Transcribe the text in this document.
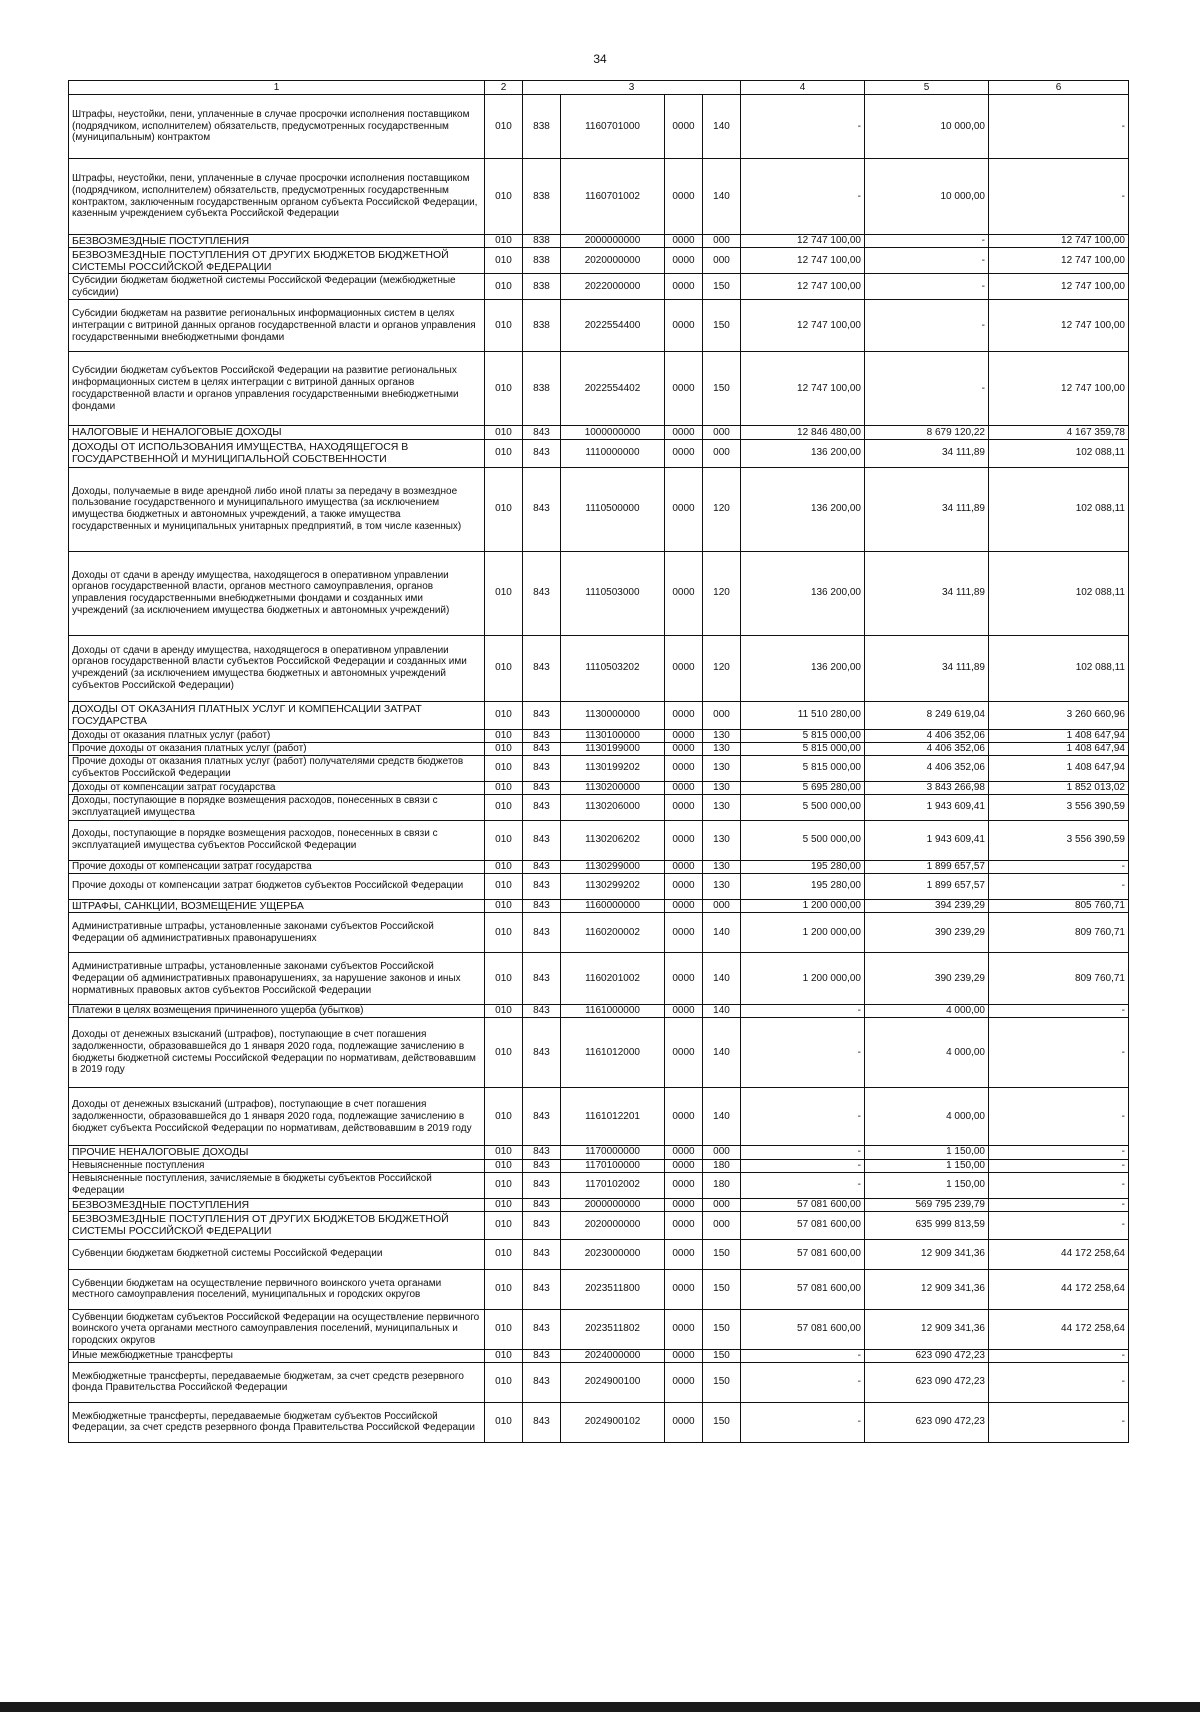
34
1	2	3				4	5	6
Штрафы, неустойки, пени, уплаченные в случае просрочки исполнения поставщиком (подрядчиком, исполнителем) обязательств, предусмотренных государственным (муниципальным) контрактом	010	838	1160701000	0000	140	-	10 000,00	-
Штрафы, неустойки, пени, уплаченные в случае просрочки исполнения поставщиком (подрядчиком, исполнителем) обязательств, предусмотренных государственным контрактом, заключенным государственным органом субъекта Российской Федерации, казенным учреждением субъекта Российской Федерации	010	838	1160701002	0000	140	-	10 000,00	-
БЕЗВОЗМЕЗДНЫЕ ПОСТУПЛЕНИЯ	010	838	2000000000	0000	000	12 747 100,00	-	12 747 100,00
БЕЗВОЗМЕЗДНЫЕ ПОСТУПЛЕНИЯ ОТ ДРУГИХ БЮДЖЕТОВ БЮДЖЕТНОЙ СИСТЕМЫ РОССИЙСКОЙ ФЕДЕРАЦИИ	010	838	2020000000	0000	000	12 747 100,00	-	12 747 100,00
Субсидии бюджетам бюджетной системы Российской Федерации (межбюджетные субсидии)	010	838	2022000000	0000	150	12 747 100,00	-	12 747 100,00
Субсидии бюджетам на развитие региональных информационных систем в целях интеграции с витриной данных органов государственной власти и органов управления государственными внебюджетными фондами	010	838	2022554400	0000	150	12 747 100,00	-	12 747 100,00
Субсидии бюджетам субъектов Российской Федерации на развитие региональных информационных систем в целях интеграции с витриной данных органов государственной власти и органов управления государственными внебюджетными фондами	010	838	2022554402	0000	150	12 747 100,00	-	12 747 100,00
НАЛОГОВЫЕ И НЕНАЛОГОВЫЕ ДОХОДЫ	010	843	1000000000	0000	000	12 846 480,00	8 679 120,22	4 167 359,78
ДОХОДЫ ОТ ИСПОЛЬЗОВАНИЯ ИМУЩЕСТВА, НАХОДЯЩЕГОСЯ В ГОСУДАРСТВЕННОЙ И МУНИЦИПАЛЬНОЙ СОБСТВЕННОСТИ	010	843	1110000000	0000	000	136 200,00	34 111,89	102 088,11
Доходы, получаемые в виде арендной либо иной платы за передачу в возмездное пользование государственного и муниципального имущества (за исключением имущества бюджетных и автономных учреждений, а также имущества государственных и муниципальных унитарных предприятий, в том числе казенных)	010	843	1110500000	0000	120	136 200,00	34 111,89	102 088,11
Доходы от сдачи в аренду имущества, находящегося в оперативном управлении органов государственной власти, органов местного самоуправления, органов управления государственными внебюджетными фондами и созданных ими учреждений (за исключением имущества бюджетных и автономных учреждений)	010	843	1110503000	0000	120	136 200,00	34 111,89	102 088,11
Доходы от сдачи в аренду имущества, находящегося в оперативном управлении органов государственной власти субъектов Российской Федерации и созданных ими учреждений (за исключением имущества бюджетных и автономных учреждений субъектов Российской Федерации)	010	843	1110503202	0000	120	136 200,00	34 111,89	102 088,11
ДОХОДЫ ОТ ОКАЗАНИЯ ПЛАТНЫХ УСЛУГ И КОМПЕНСАЦИИ ЗАТРАТ ГОСУДАРСТВА	010	843	1130000000	0000	000	11 510 280,00	8 249 619,04	3 260 660,96
Доходы от оказания платных услуг (работ)	010	843	1130100000	0000	130	5 815 000,00	4 406 352,06	1 408 647,94
Прочие доходы от оказания платных услуг (работ)	010	843	1130199000	0000	130	5 815 000,00	4 406 352,06	1 408 647,94
Прочие доходы от оказания платных услуг (работ) получателями средств бюджетов субъектов Российской Федерации	010	843	1130199202	0000	130	5 815 000,00	4 406 352,06	1 408 647,94
Доходы от компенсации затрат государства	010	843	1130200000	0000	130	5 695 280,00	3 843 266,98	1 852 013,02
Доходы, поступающие в порядке возмещения расходов, понесенных в связи с эксплуатацией имущества	010	843	1130206000	0000	130	5 500 000,00	1 943 609,41	3 556 390,59
Доходы, поступающие в порядке возмещения расходов, понесенных в связи с эксплуатацией имущества субъектов Российской Федерации	010	843	1130206202	0000	130	5 500 000,00	1 943 609,41	3 556 390,59
Прочие доходы от компенсации затрат государства	010	843	1130299000	0000	130	195 280,00	1 899 657,57	-
Прочие доходы от компенсации затрат бюджетов субъектов Российской Федерации	010	843	1130299202	0000	130	195 280,00	1 899 657,57	-
ШТРАФЫ, САНКЦИИ, ВОЗМЕЩЕНИЕ УЩЕРБА	010	843	1160000000	0000	000	1 200 000,00	394 239,29	805 760,71
Административные штрафы, установленные законами субъектов Российской Федерации об административных правонарушениях	010	843	1160200002	0000	140	1 200 000,00	390 239,29	809 760,71
Административные штрафы, установленные законами субъектов Российской Федерации об административных правонарушениях, за нарушение законов и иных нормативных правовых актов субъектов Российской Федерации	010	843	1160201002	0000	140	1 200 000,00	390 239,29	809 760,71
Платежи в целях возмещения причиненного ущерба (убытков)	010	843	1161000000	0000	140	-	4 000,00	-
Доходы от денежных взысканий (штрафов), поступающие в счет погашения задолженности, образовавшейся до 1 января 2020 года, подлежащие зачислению в бюджеты бюджетной системы Российской Федерации по нормативам, действовавшим в 2019 году	010	843	1161012000	0000	140	-	4 000,00	-
Доходы от денежных взысканий (штрафов), поступающие в счет погашения задолженности, образовавшейся до 1 января 2020 года, подлежащие зачислению в бюджет субъекта Российской Федерации по нормативам, действовавшим в 2019 году	010	843	1161012201	0000	140	-	4 000,00	-
ПРОЧИЕ НЕНАЛОГОВЫЕ ДОХОДЫ	010	843	1170000000	0000	000	-	1 150,00	-
Невыясненные поступления	010	843	1170100000	0000	180	-	1 150,00	-
Невыясненные поступления, зачисляемые в бюджеты субъектов Российской Федерации	010	843	1170102002	0000	180	-	1 150,00	-
БЕЗВОЗМЕЗДНЫЕ ПОСТУПЛЕНИЯ	010	843	2000000000	0000	000	57 081 600,00	569 795 239,79	-
БЕЗВОЗМЕЗДНЫЕ ПОСТУПЛЕНИЯ ОТ ДРУГИХ БЮДЖЕТОВ БЮДЖЕТНОЙ СИСТЕМЫ РОССИЙСКОЙ ФЕДЕРАЦИИ	010	843	2020000000	0000	000	57 081 600,00	635 999 813,59	-
Субвенции бюджетам бюджетной системы Российской Федерации	010	843	2023000000	0000	150	57 081 600,00	12 909 341,36	44 172 258,64
Субвенции бюджетам на осуществление первичного воинского учета органами местного самоуправления поселений, муниципальных и городских округов	010	843	2023511800	0000	150	57 081 600,00	12 909 341,36	44 172 258,64
Субвенции бюджетам субъектов Российской Федерации на осуществление первичного воинского учета органами местного самоуправления поселений, муниципальных и городских округов	010	843	2023511802	0000	150	57 081 600,00	12 909 341,36	44 172 258,64
Иные межбюджетные трансферты	010	843	2024000000	0000	150	-	623 090 472,23	-
Межбюджетные трансферты, передаваемые бюджетам, за счет средств резервного фонда Правительства Российской Федерации	010	843	2024900100	0000	150	-	623 090 472,23	-
Межбюджетные трансферты, передаваемые бюджетам субъектов Российской Федерации, за счет средств резервного фонда Правительства Российской Федерации	010	843	2024900102	0000	150	-	623 090 472,23	-
